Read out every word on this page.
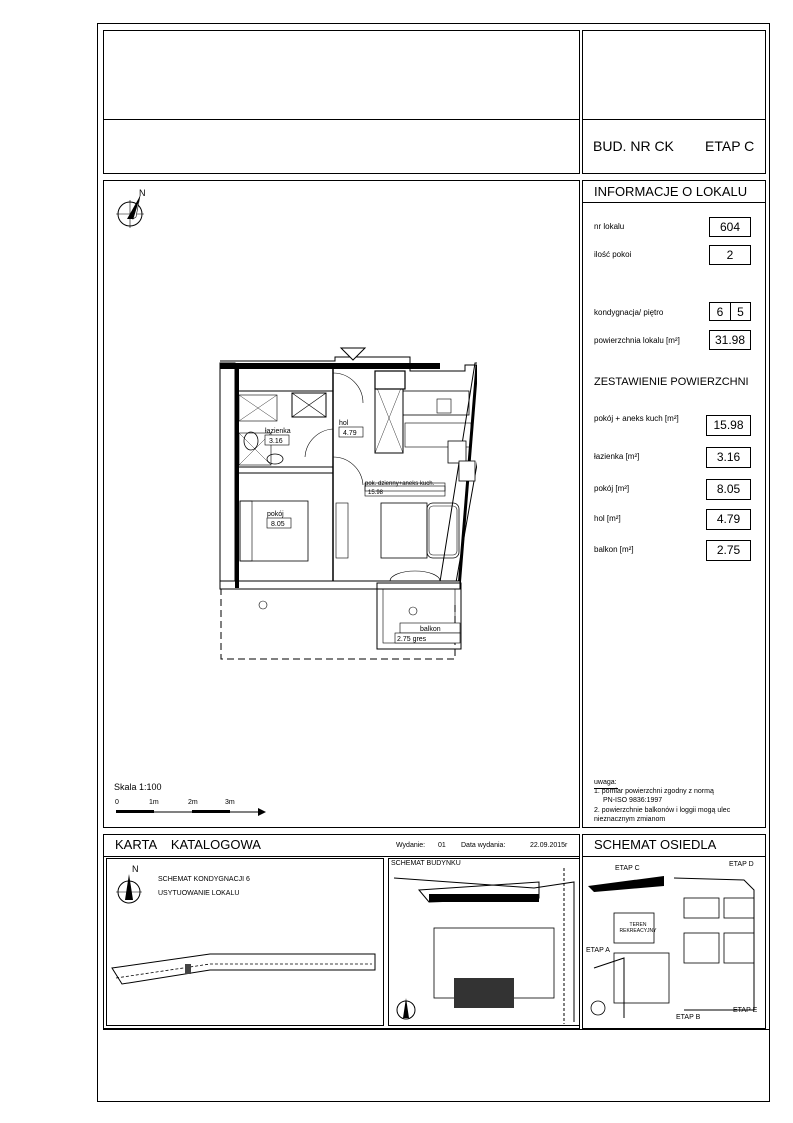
BUD. NR CK ETAP C
INFORMACJE O LOKALU
nr lokalu	604
ilość pokoi	2
kondygnacja/ piętro	6	5
powierzchnia lokalu [m²]	31.98
ZESTAWIENIE POWIERZCHNI
pokój + aneks kuch [m²]	15.98
łazienka [m²]	3.16
pokój [m²]	8.05
hol [m²]	4.79
balkon [m²]	2.75
uwaga:
1. pomiar powierzchni zgodny z normą
PN-ISO 9836:1997
2. powierzchnie balkonów i loggii mogą ulec
nieznacznym zmianom
N
hol
4.79
łazienka
3.16
pokój
8.05
pok. dzienny+aneks kuch.
15.98
balkon
2.75 gres
Skala 1:100
0	1m	2m	3m
KARTA    KATALOGOWA	Wydanie: 01 Data wydania:	22.09.2015r
N
SCHEMAT KONDYGNACJI 6
USYTUOWANIE LOKALU
SCHEMAT BUDYNKU
SCHEMAT OSIEDLA
ETAP C
ETAP D
ETAP A
ETAP B
ETAP E
TEREN REKREACYJNY
